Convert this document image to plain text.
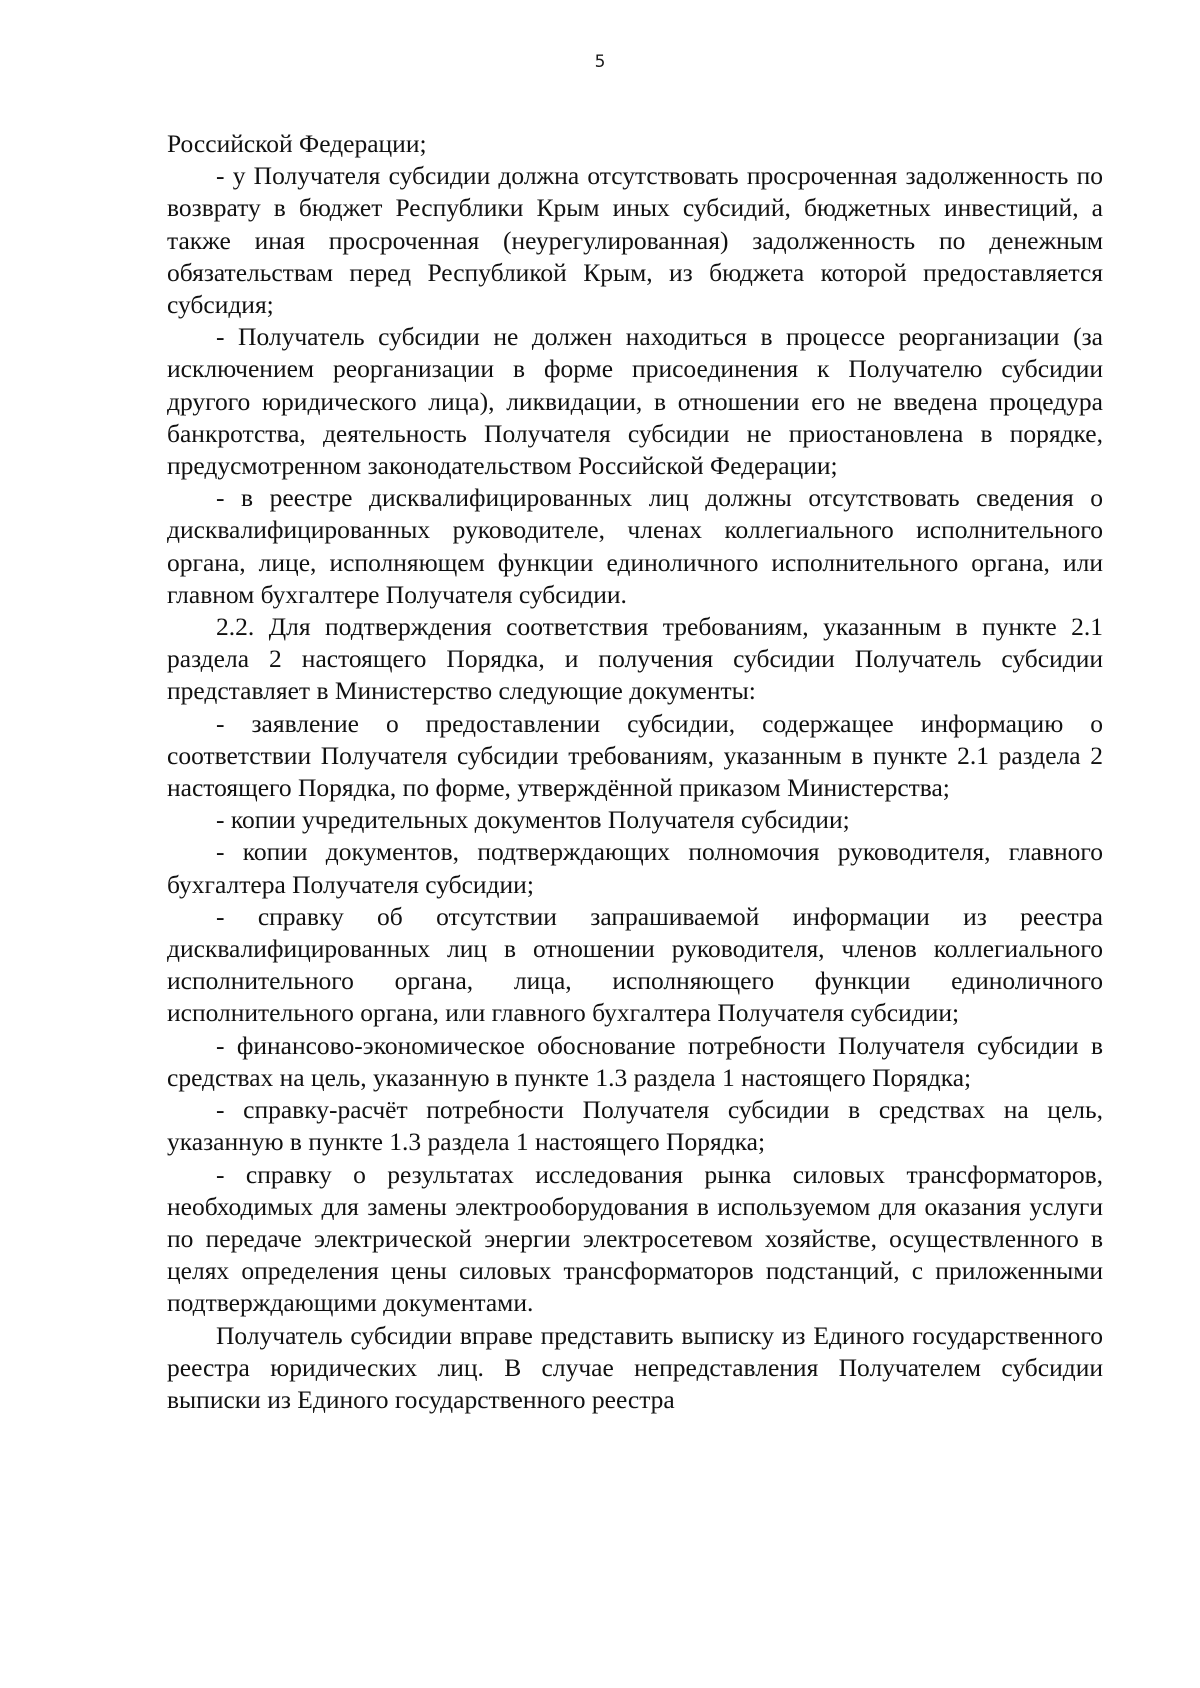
5

Российской Федерации;

- у Получателя субсидии должна отсутствовать просроченная задолженность по возврату в бюджет Республики Крым иных субсидий, бюджетных инвестиций, а также иная просроченная (неурегулированная) задолженность по денежным обязательствам перед Республикой Крым, из бюджета которой предоставляется субсидия;

- Получатель субсидии не должен находиться в процессе реорганизации (за исключением реорганизации в форме присоединения к Получателю субсидии другого юридического лица), ликвидации, в отношении его не введена процедура банкротства, деятельность Получателя субсидии не приостановлена в порядке, предусмотренном законодательством Российской Федерации;

- в реестре дисквалифицированных лиц должны отсутствовать сведения о дисквалифицированных руководителе, членах коллегиального исполнительного органа, лице, исполняющем функции единоличного исполнительного органа, или главном бухгалтере Получателя субсидии.

2.2. Для подтверждения соответствия требованиям, указанным в пункте 2.1 раздела 2 настоящего Порядка, и получения субсидии Получатель субсидии представляет в Министерство следующие документы:

- заявление о предоставлении субсидии, содержащее информацию о соответствии Получателя субсидии требованиям, указанным в пункте 2.1 раздела 2 настоящего Порядка, по форме, утверждённой приказом Министерства;

- копии учредительных документов Получателя субсидии;

- копии документов, подтверждающих полномочия руководителя, главного бухгалтера Получателя субсидии;

- справку об отсутствии запрашиваемой информации из реестра дисквалифицированных лиц в отношении руководителя, членов коллегиального исполнительного органа, лица, исполняющего функции единоличного исполнительного органа, или главного бухгалтера Получателя субсидии;

- финансово-экономическое обоснование потребности Получателя субсидии в средствах на цель, указанную в пункте 1.3 раздела 1 настоящего Порядка;

- справку-расчёт потребности Получателя субсидии в средствах на цель, указанную в пункте 1.3 раздела 1 настоящего Порядка;

- справку о результатах исследования рынка силовых трансформаторов, необходимых для замены электрооборудования в используемом для оказания услуги по передаче электрической энергии электросетевом хозяйстве, осуществленного в целях определения цены силовых трансформаторов подстанций, с приложенными подтверждающими документами.

Получатель субсидии вправе представить выписку из Единого государственного реестра юридических лиц. В случае непредставления Получателем субсидии выписки из Единого государственного реестра
